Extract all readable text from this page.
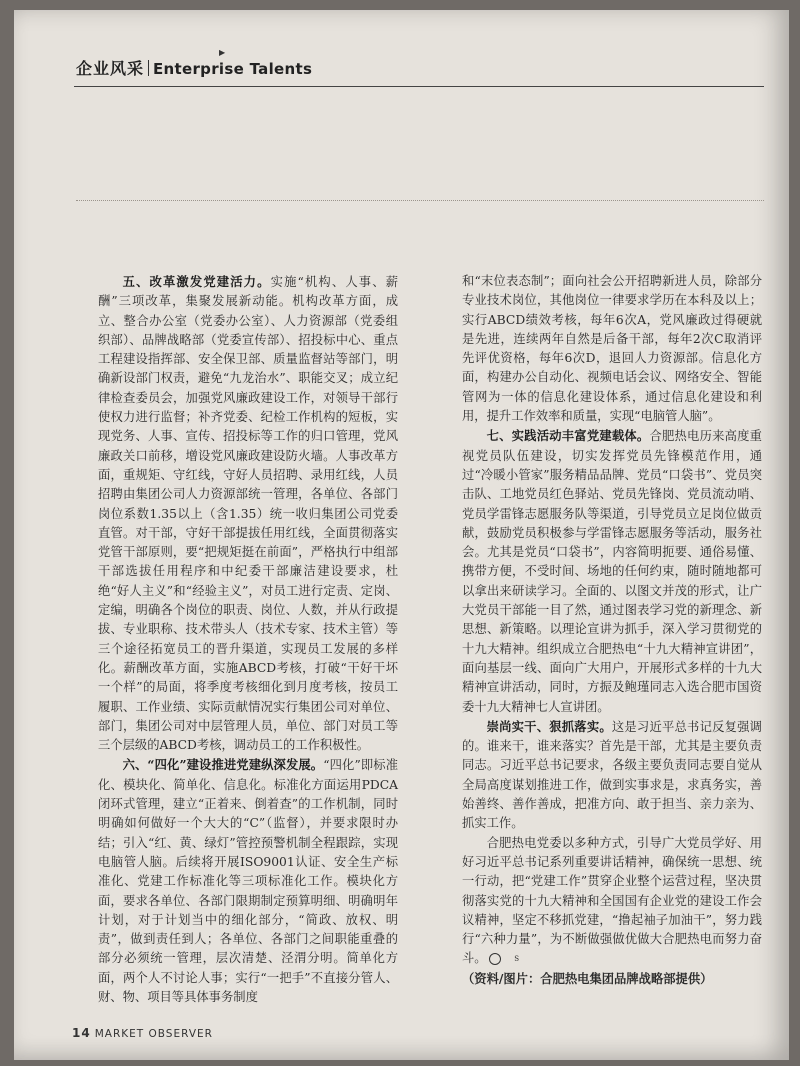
企业风采 Enterprise Talents
▶

五、改革激发党建活力。实施“机构、人事、薪酬”三项改革，集聚发展新动能。机构改革方面，成立、整合办公室（党委办公室）、人力资源部（党委组织部）、品牌战略部（党委宣传部）、招投标中心、重点工程建设指挥部、安全保卫部、质量监督站等部门，明确新设部门权责，避免“九龙治水”、职能交叉；成立纪律检查委员会，加强党风廉政建设工作，对领导干部行使权力进行监督；补齐党委、纪检工作机构的短板，实现党务、人事、宣传、招投标等工作的归口管理，党风廉政关口前移，增设党风廉政建设防火墙。人事改革方面，重规矩、守红线，守好人员招聘、录用红线，人员招聘由集团公司人力资源部统一管理，各单位、各部门岗位系数1.35以上（含1.35）统一收归集团公司党委直管。对干部，守好干部提拔任用红线，全面贯彻落实党管干部原则，要“把规矩挺在前面”，严格执行中组部干部选拔任用程序和中纪委干部廉洁建设要求，杜绝“好人主义”和“经验主义”，对员工进行定责、定岗、定编，明确各个岗位的职责、岗位、人数，并从行政提拔、专业职称、技术带头人（技术专家、技术主管）等三个途径拓宽员工的晋升渠道，实现员工发展的多样化。薪酬改革方面，实施ABCD考核，打破“干好干坏一个样”的局面，将季度考核细化到月度考核，按员工履职、工作业绩、实际贡献情况实行集团公司对单位、部门，集团公司对中层管理人员，单位、部门对员工等三个层级的ABCD考核，调动员工的工作积极性。

六、“四化”建设推进党建纵深发展。“四化”即标准化、模块化、简单化、信息化。标准化方面运用PDCA闭环式管理，建立“正着来、倒着查”的工作机制，同时明确如何做好一个大大的“C”（监督），并要求限时办结；引入“红、黄、绿灯”管控预警机制全程跟踪，实现电脑管人脑。后续将开展ISO9001认证、安全生产标准化、党建工作标准化等三项标准化工作。模块化方面，要求各单位、各部门限期制定预算明细、明确明年计划，对于计划当中的细化部分，“简政、放权、明责”，做到责任到人；各单位、各部门之间职能重叠的部分必须统一管理，层次清楚、泾渭分明。简单化方面，两个人不讨论人事；实行“一把手”不直接分管人、财、物、项目等具体事务制度

和“末位表态制”；面向社会公开招聘新进人员，除部分专业技术岗位，其他岗位一律要求学历在本科及以上；实行ABCD绩效考核，每年6次A，党风廉政过得硬就是先进，连续两年自然是后备干部，每年2次C取消评先评优资格，每年6次D，退回人力资源部。信息化方面，构建办公自动化、视频电话会议、网络安全、智能管网为一体的信息化建设体系，通过信息化建设和利用，提升工作效率和质量，实现“电脑管人脑”。

七、实践活动丰富党建载体。合肥热电历来高度重视党员队伍建设，切实发挥党员先锋模范作用，通过“冷暖小管家”服务精品品牌、党员“口袋书”、党员突击队、工地党员红色驿站、党员先锋岗、党员流动哨、党员学雷锋志愿服务队等渠道，引导党员立足岗位做贡献，鼓励党员积极参与学雷锋志愿服务等活动，服务社会。尤其是党员“口袋书”，内容简明扼要、通俗易懂、携带方便，不受时间、场地的任何约束，随时随地都可以拿出来研读学习。全面的、以图文并茂的形式，让广大党员干部能一目了然，通过图表学习党的新理念、新思想、新策略。以理论宣讲为抓手，深入学习贯彻党的十九大精神。组织成立合肥热电“十九大精神宣讲团”，面向基层一线、面向广大用户，开展形式多样的十九大精神宣讲活动，同时，方振及鲍瑾同志入选合肥市国资委十九大精神七人宣讲团。

崇尚实干、狠抓落实。这是习近平总书记反复强调的。谁来干，谁来落实？首先是干部，尤其是主要负责同志。习近平总书记要求，各级主要负责同志要自觉从全局高度谋划推进工作，做到实事求是，求真务实，善始善终、善作善成，把准方向、敢于担当、亲力亲为、抓实工作。

合肥热电党委以多种方式，引导广大党员学好、用好习近平总书记系列重要讲话精神，确保统一思想、统一行动，把“党建工作”贯穿企业整个运营过程，坚决贯彻落实党的十九大精神和全国国有企业党的建设工作会议精神，坚定不移抓党建，“撸起袖子加油干”，努力践行“六种力量”，为不断做强做优做大合肥热电而努力奋斗。	S

（资料/图片：合肥热电集团品牌战略部提供）

14 MARKET OBSERVER
